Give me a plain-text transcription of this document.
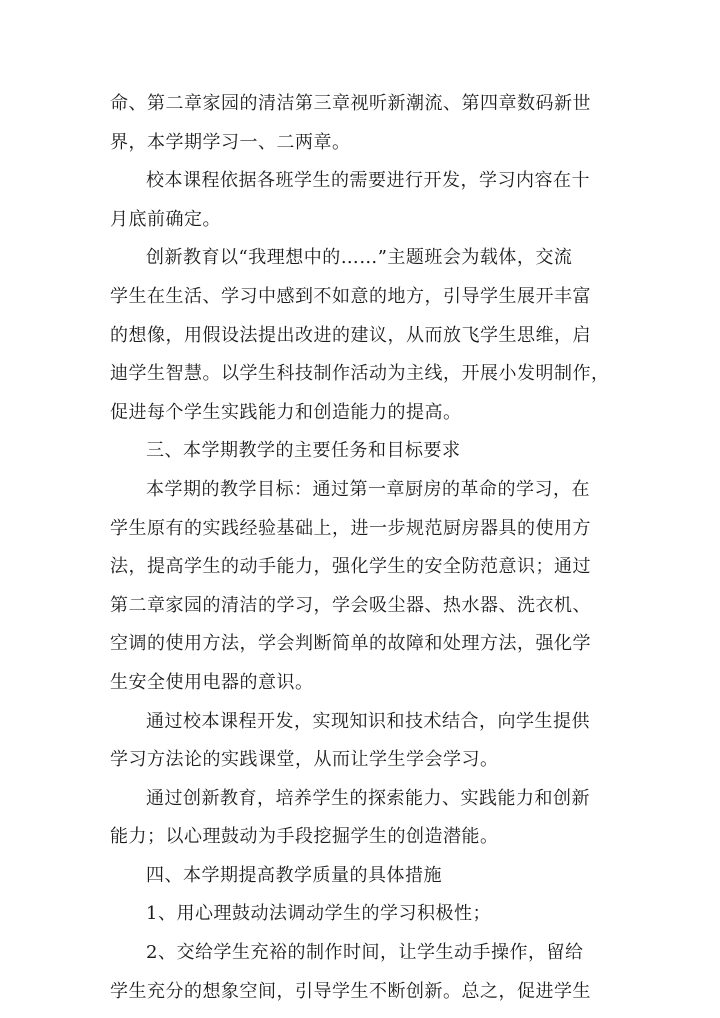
命、第二章家园的清洁第三章视听新潮流、第四章数码新世
界，本学期学习一、二两章。
校本课程依据各班学生的需要进行开发，学习内容在十
月底前确定。
创新教育以“我理想中的……”主题班会为载体，交流
学生在生活、学习中感到不如意的地方，引导学生展开丰富
的想像，用假设法提出改进的建议，从而放飞学生思维，启
迪学生智慧。以学生科技制作活动为主线，开展小发明制作，
促进每个学生实践能力和创造能力的提高。
三、本学期教学的主要任务和目标要求
本学期的教学目标：通过第一章厨房的革命的学习，在
学生原有的实践经验基础上，进一步规范厨房器具的使用方
法，提高学生的动手能力，强化学生的安全防范意识；通过
第二章家园的清洁的学习，学会吸尘器、热水器、洗衣机、
空调的使用方法，学会判断简单的故障和处理方法，强化学
生安全使用电器的意识。
通过校本课程开发，实现知识和技术结合，向学生提供
学习方法论的实践课堂，从而让学生学会学习。
通过创新教育，培养学生的探索能力、实践能力和创新
能力；以心理鼓动为手段挖掘学生的创造潜能。
四、本学期提高教学质量的具体措施
1、用心理鼓动法调动学生的学习积极性；
2、交给学生充裕的制作时间，让学生动手操作，留给
学生充分的想象空间，引导学生不断创新。总之，促进学生
